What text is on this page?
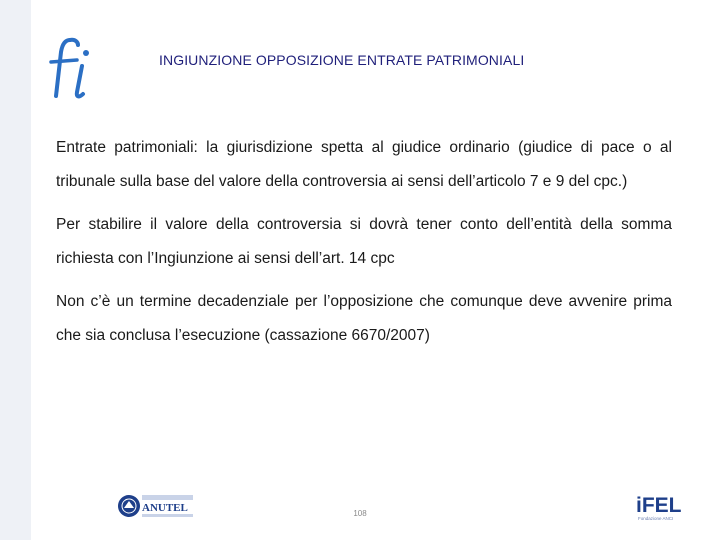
INGIUNZIONE OPPOSIZIONE ENTRATE PATRIMONIALI

Entrate patrimoniali: la giurisdizione spetta al giudice ordinario (giudice di pace o al tribunale sulla base del valore della controversia ai sensi dell’articolo 7 e 9 del cpc.)

Per stabilire il valore della controversia si dovrà tener conto dell’entità della somma richiesta con l’Ingiunzione ai sensi dell’art. 14 cpc

Non c’è un termine decadenziale per l’opposizione che comunque deve avvenire prima che sia conclusa l’esecuzione (cassazione 6670/2007)

ANUTEL	108	iFEL
Fondazione ANCI
